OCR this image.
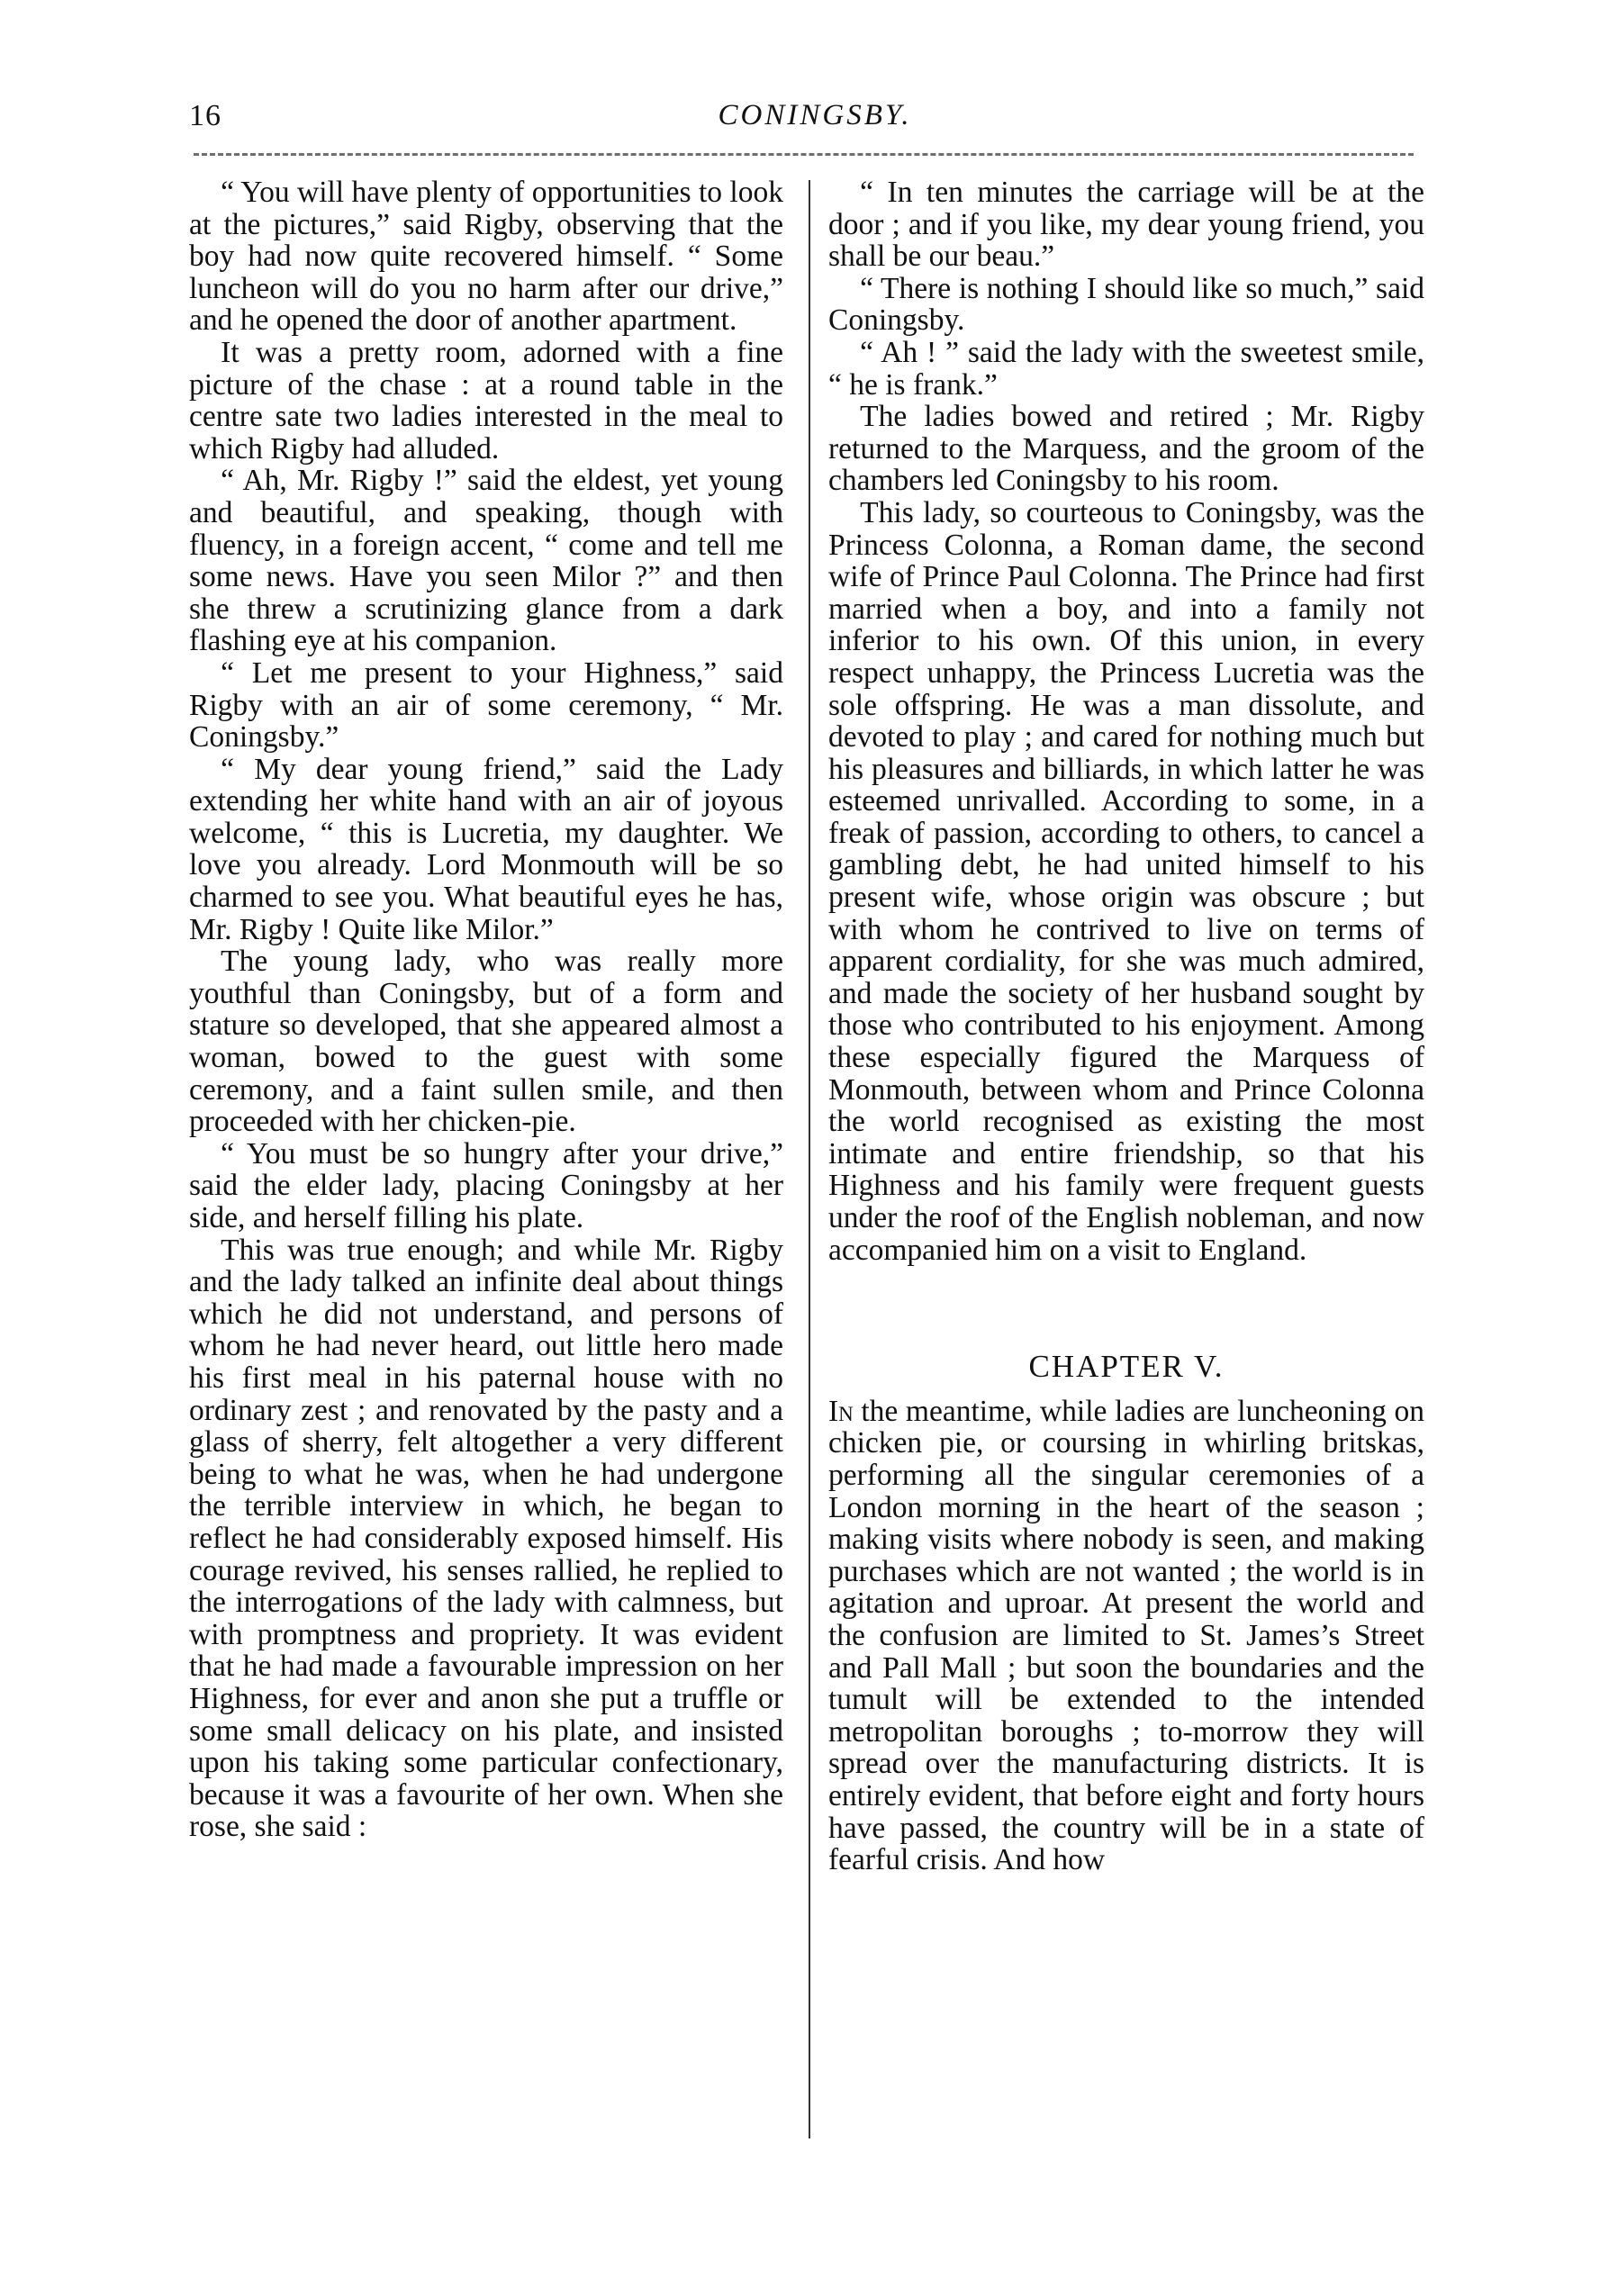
16	CONINGSBY.

“ You will have plenty of opportunities to look at the pictures,” said Rigby, observing that the boy had now quite recovered himself. “ Some luncheon will do you no harm after our drive,” and he opened the door of another apartment.

It was a pretty room, adorned with a fine picture of the chase : at a round table in the centre sate two ladies interested in the meal to which Rigby had alluded.

“ Ah, Mr. Rigby !” said the eldest, yet young and beautiful, and speaking, though with fluency, in a foreign accent, “ come and tell me some news. Have you seen Milor ?” and then she threw a scrutinizing glance from a dark flashing eye at his companion.

“ Let me present to your Highness,” said Rigby with an air of some ceremony, “ Mr. Coningsby.”

“ My dear young friend,” said the Lady extending her white hand with an air of joyous welcome, “ this is Lucretia, my daughter. We love you already. Lord Monmouth will be so charmed to see you. What beautiful eyes he has, Mr. Rigby ! Quite like Milor.”

The young lady, who was really more youthful than Coningsby, but of a form and stature so developed, that she appeared almost a woman, bowed to the guest with some ceremony, and a faint sullen smile, and then proceeded with her chicken-pie.

“ You must be so hungry after your drive,” said the elder lady, placing Coningsby at her side, and herself filling his plate.

This was true enough; and while Mr. Rigby and the lady talked an infinite deal about things which he did not understand, and persons of whom he had never heard, out little hero made his first meal in his paternal house with no ordinary zest ; and renovated by the pasty and a glass of sherry, felt altogether a very different being to what he was, when he had undergone the terrible interview in which, he began to reflect he had considerably exposed himself. His courage revived, his senses rallied, he replied to the interrogations of the lady with calmness, but with promptness and propriety. It was evident that he had made a favourable impression on her Highness, for ever and anon she put a truffle or some small delicacy on his plate, and insisted upon his taking some particular confectionary, because it was a favourite of her own. When she rose, she said :

“ In ten minutes the carriage will be at the door ; and if you like, my dear young friend, you shall be our beau.”

“ There is nothing I should like so much,” said Coningsby.

“ Ah ! ” said the lady with the sweetest smile, “ he is frank.”

The ladies bowed and retired ; Mr. Rigby returned to the Marquess, and the groom of the chambers led Coningsby to his room.

This lady, so courteous to Coningsby, was the Princess Colonna, a Roman dame, the second wife of Prince Paul Colonna. The Prince had first married when a boy, and into a family not inferior to his own. Of this union, in every respect unhappy, the Princess Lucretia was the sole offspring. He was a man dissolute, and devoted to play ; and cared for nothing much but his pleasures and billiards, in which latter he was esteemed unrivalled. According to some, in a freak of passion, according to others, to cancel a gambling debt, he had united himself to his present wife, whose origin was obscure ; but with whom he contrived to live on terms of apparent cordiality, for she was much admired, and made the society of her husband sought by those who contributed to his enjoyment. Among these especially figured the Marquess of Monmouth, between whom and Prince Colonna the world recognised as existing the most intimate and entire friendship, so that his Highness and his family were frequent guests under the roof of the English nobleman, and now accompanied him on a visit to England.

CHAPTER V.

In the meantime, while ladies are luncheoning on chicken pie, or coursing in whirling britskas, performing all the singular ceremonies of a London morning in the heart of the season ; making visits where nobody is seen, and making purchases which are not wanted ; the world is in agitation and uproar. At present the world and the confusion are limited to St. James’s Street and Pall Mall ; but soon the boundaries and the tumult will be extended to the intended metropolitan boroughs ; to-morrow they will spread over the manufacturing districts. It is entirely evident, that before eight and forty hours have passed, the country will be in a state of fearful crisis. And how
